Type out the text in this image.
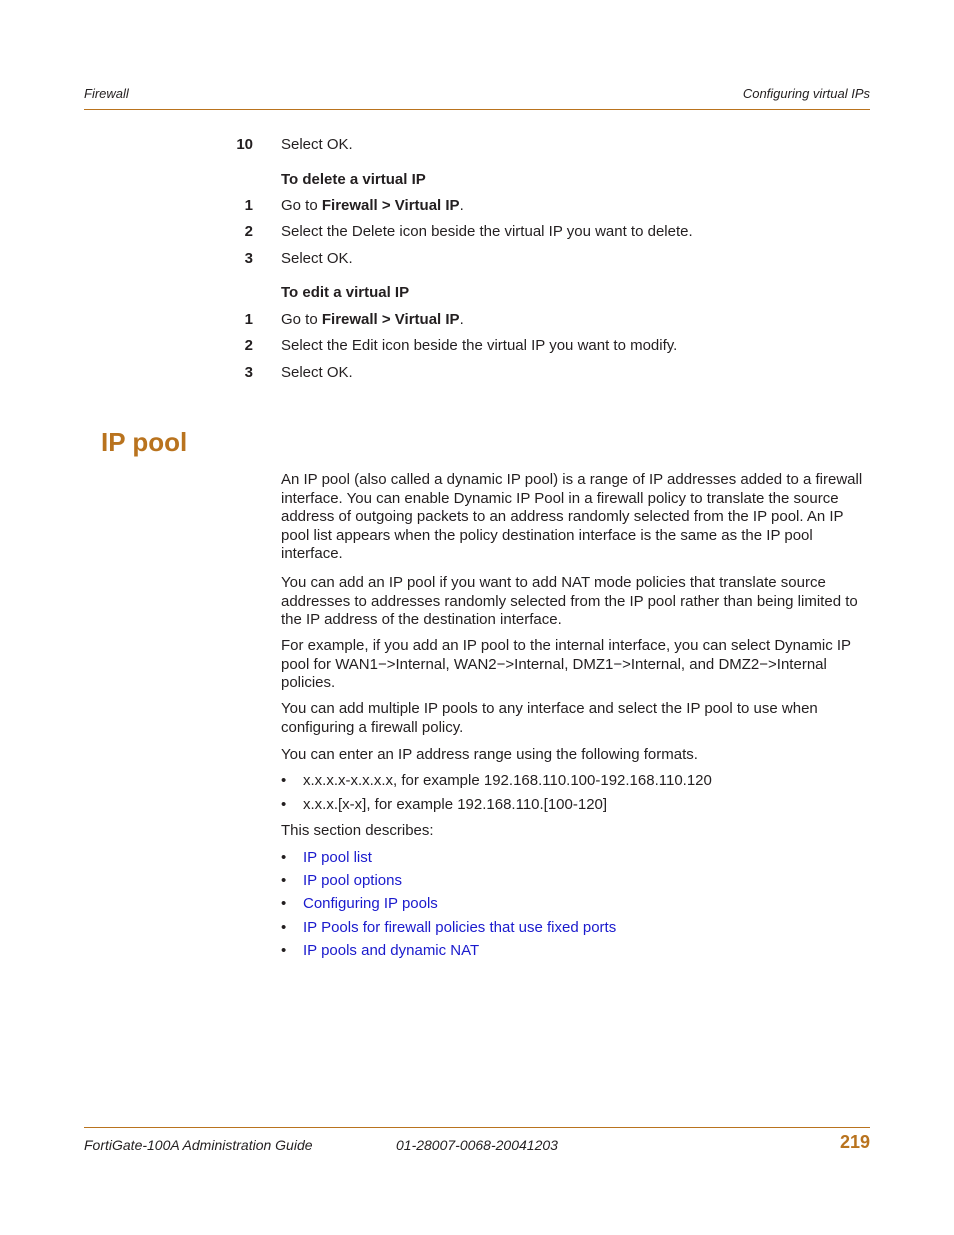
Firewall	Configuring virtual IPs
10 Select OK.
To delete a virtual IP
1 Go to Firewall > Virtual IP.
2 Select the Delete icon beside the virtual IP you want to delete.
3 Select OK.
To edit a virtual IP
1 Go to Firewall > Virtual IP.
2 Select the Edit icon beside the virtual IP you want to modify.
3 Select OK.
IP pool

An IP pool (also called a dynamic IP pool) is a range of IP addresses added to a firewall interface. You can enable Dynamic IP Pool in a firewall policy to translate the source address of outgoing packets to an address randomly selected from the IP pool. An IP pool list appears when the policy destination interface is the same as the IP pool interface.

You can add an IP pool if you want to add NAT mode policies that translate source addresses to addresses randomly selected from the IP pool rather than being limited to the IP address of the destination interface.

For example, if you add an IP pool to the internal interface, you can select Dynamic IP pool for WAN1−>Internal, WAN2−>Internal, DMZ1−>Internal, and DMZ2−>Internal policies.

You can add multiple IP pools to any interface and select the IP pool to use when configuring a firewall policy.

You can enter an IP address range using the following formats.

•	x.x.x.x-x.x.x.x, for example 192.168.110.100-192.168.110.120
•	x.x.x.[x-x], for example 192.168.110.[100-120]

This section describes:

•	IP pool list
•	IP pool options
•	Configuring IP pools
•	IP Pools for firewall policies that use fixed ports
•	IP pools and dynamic NAT
FortiGate-100A Administration Guide	01-28007-0068-20041203	219
